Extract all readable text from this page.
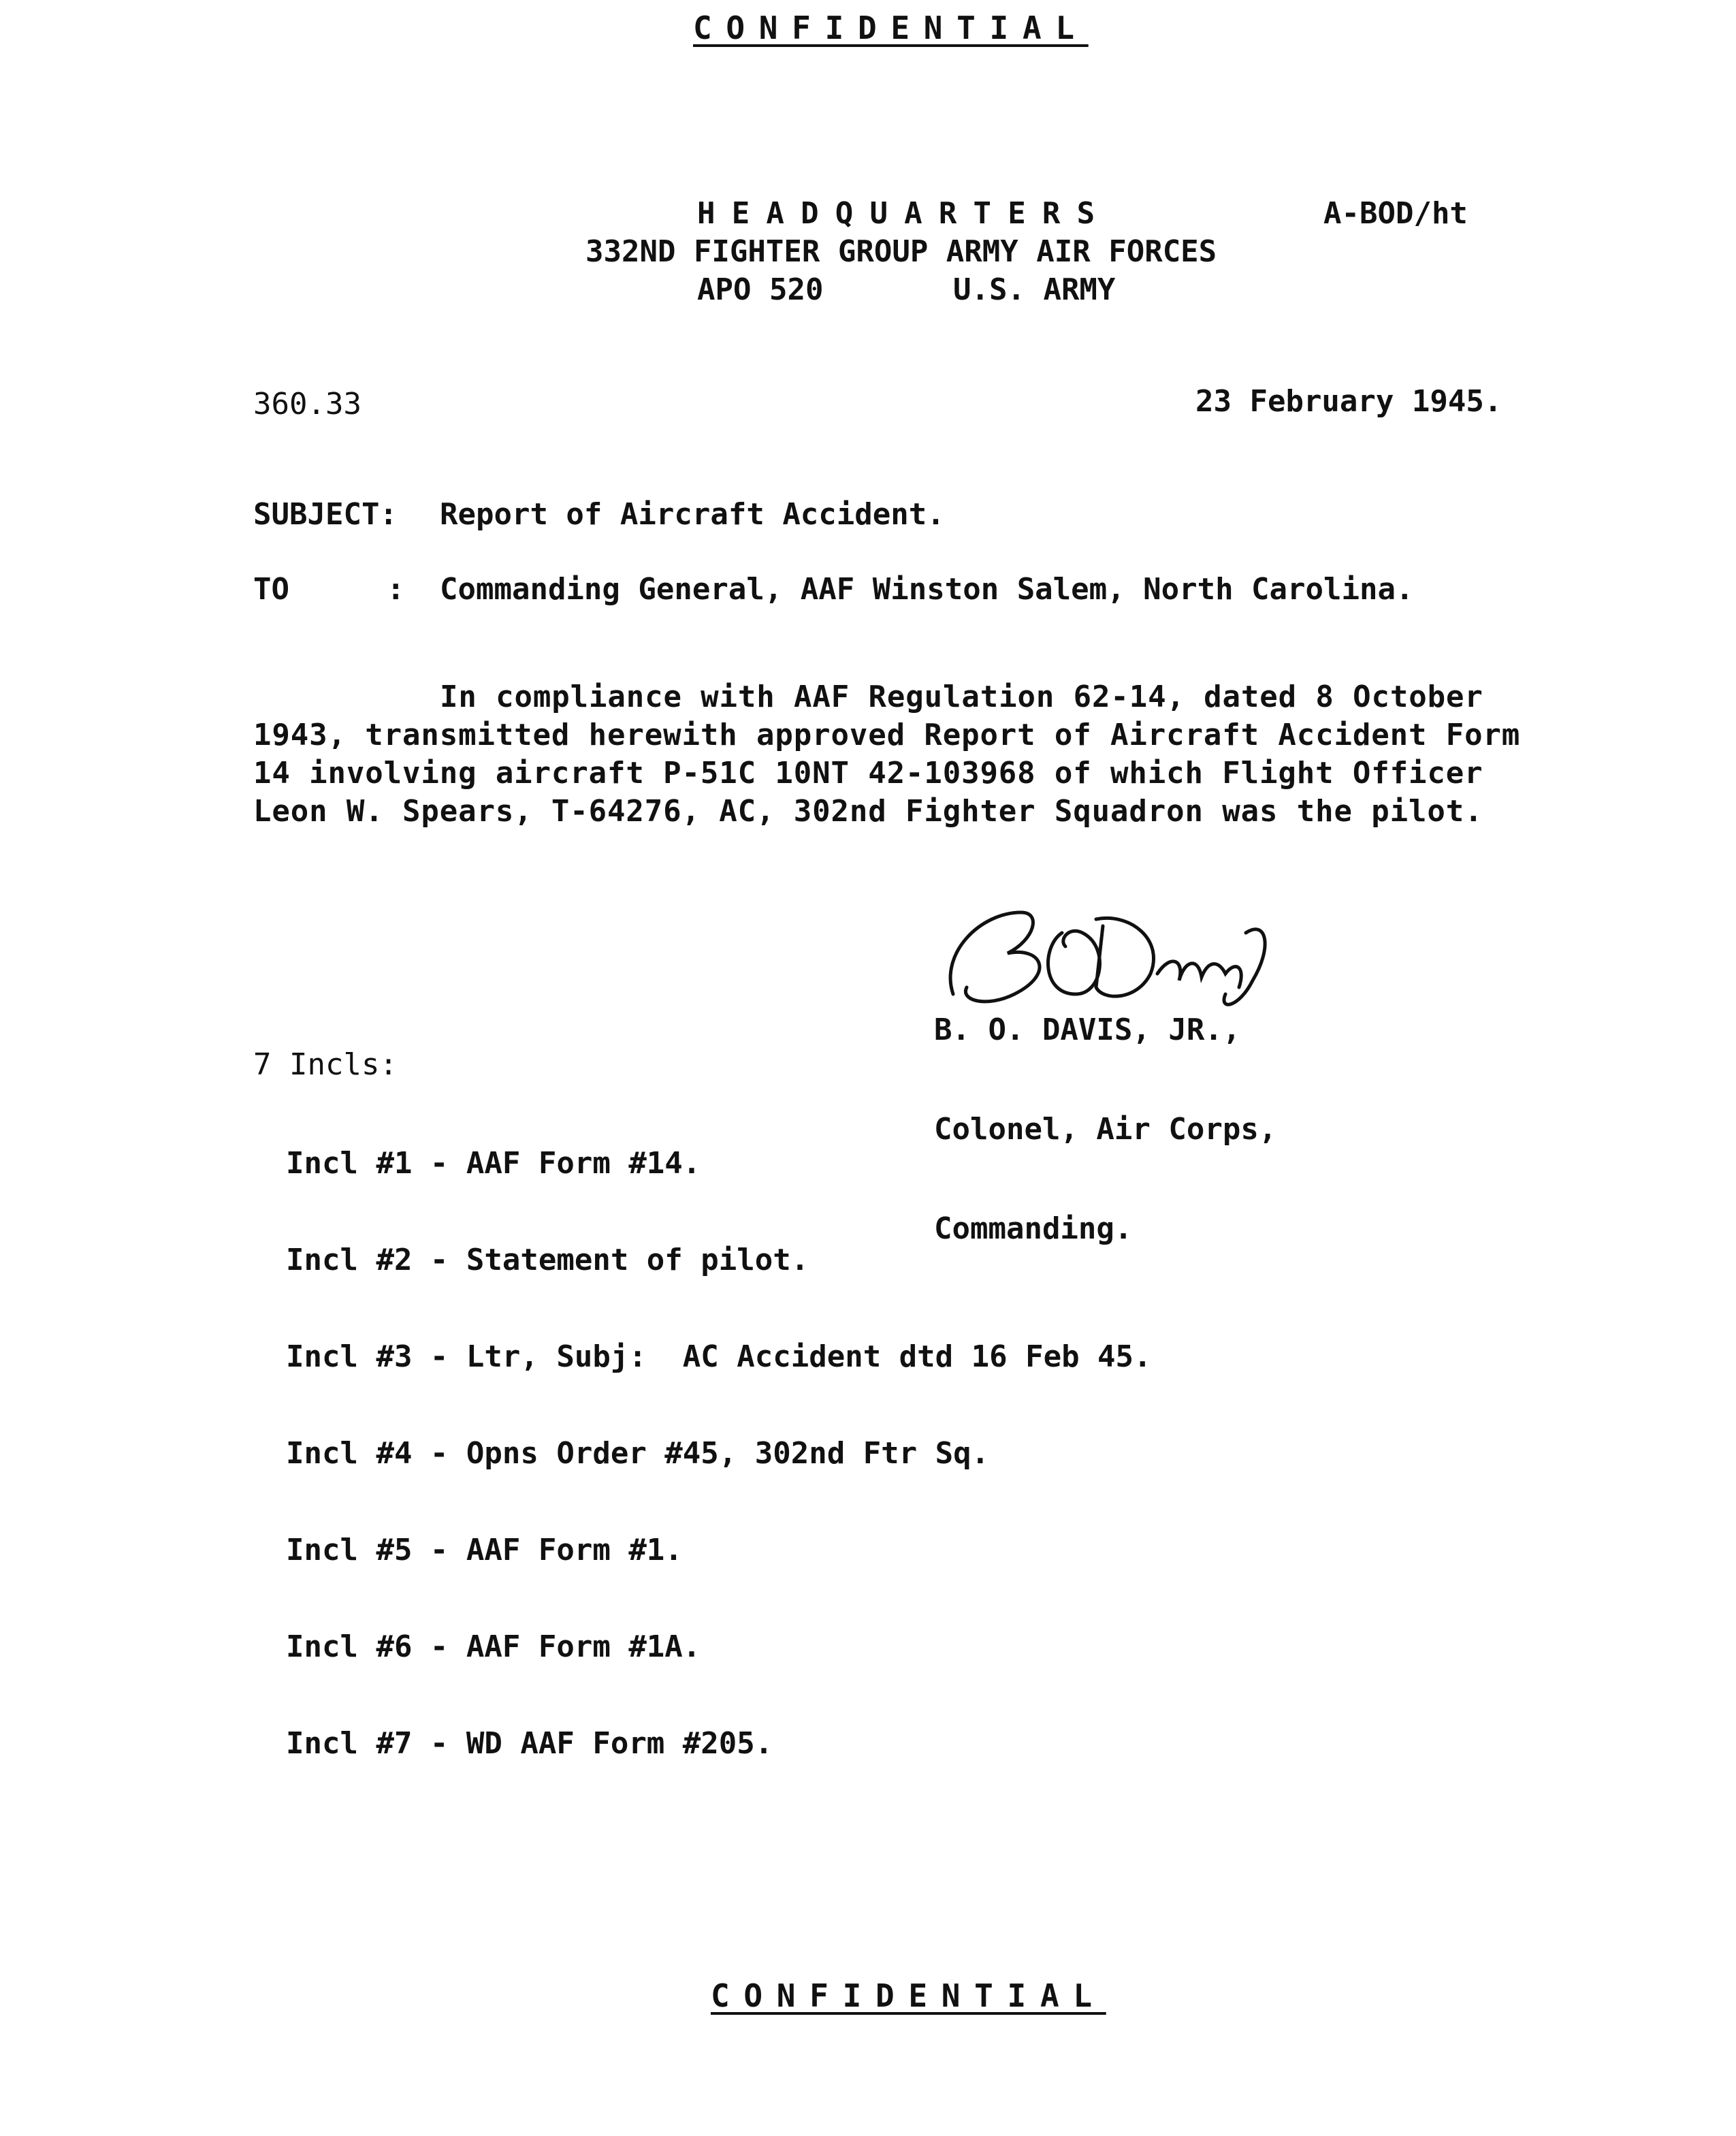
CONFIDENTIAL
HEADQUARTERS
332ND FIGHTER GROUP ARMY AIR FORCES
APO 520	U.S. ARMY
A-BOD/ht
360.33	23 February 1945.
SUBJECT: Report of Aircraft Accident.
TO	: Commanding General, AAF Winston Salem, North Carolina.
In compliance with AAF Regulation 62-14, dated 8 October
1943, transmitted herewith approved Report of Aircraft Accident Form
14 involving aircraft P-51C 10NT 42-103968 of which Flight Officer
Leon W. Spears, T-64276, AC, 302nd Fighter Squadron was the pilot.

B. O. DAVIS, JR.,

Colonel, Air Corps,

Commanding.

7 Incls:

Incl #1 - AAF Form #14.

Incl #2 - Statement of pilot.

Incl #3 - Ltr, Subj:  AC Accident dtd 16 Feb 45.

Incl #4 - Opns Order #45, 302nd Ftr Sq.

Incl #5 - AAF Form #1.

Incl #6 - AAF Form #1A.

Incl #7 - WD AAF Form #205.

CONFIDENTIAL
